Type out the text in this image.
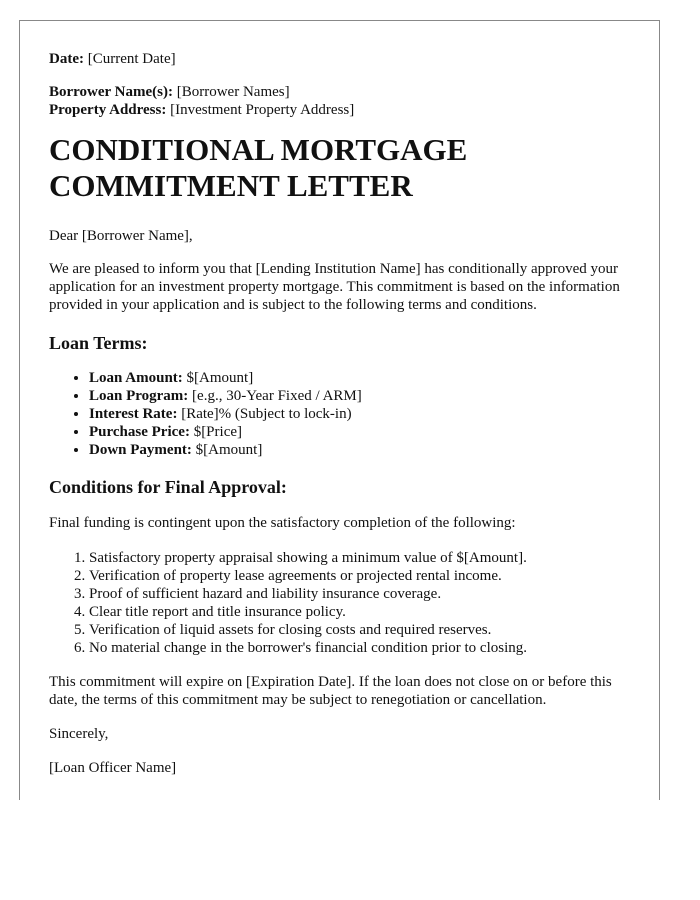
Date: [Current Date]

Borrower Name(s): [Borrower Names]

Property Address: [Investment Property Address]

CONDITIONAL MORTGAGE COMMITMENT LETTER

Dear [Borrower Name],

We are pleased to inform you that [Lending Institution Name] has conditionally approved your application for an investment property mortgage. This commitment is based on the information provided in your application and is subject to the following terms and conditions.

Loan Terms:
• Loan Amount: $[Amount]
• Loan Program: [e.g., 30-Year Fixed / ARM]
• Interest Rate: [Rate]% (Subject to lock-in)
• Purchase Price: $[Price]
• Down Payment: $[Amount]
Conditions for Final Approval:

Final funding is contingent upon the satisfactory completion of the following:

1. Satisfactory property appraisal showing a minimum value of $[Amount].
2. Verification of property lease agreements or projected rental income.
3. Proof of sufficient hazard and liability insurance coverage.
4. Clear title report and title insurance policy.
5. Verification of liquid assets for closing costs and required reserves.
6. No material change in the borrower's financial condition prior to closing.

This commitment will expire on [Expiration Date]. If the loan does not close on or before this date, the terms of this commitment may be subject to renegotiation or cancellation.

Sincerely,

[Loan Officer Name]
